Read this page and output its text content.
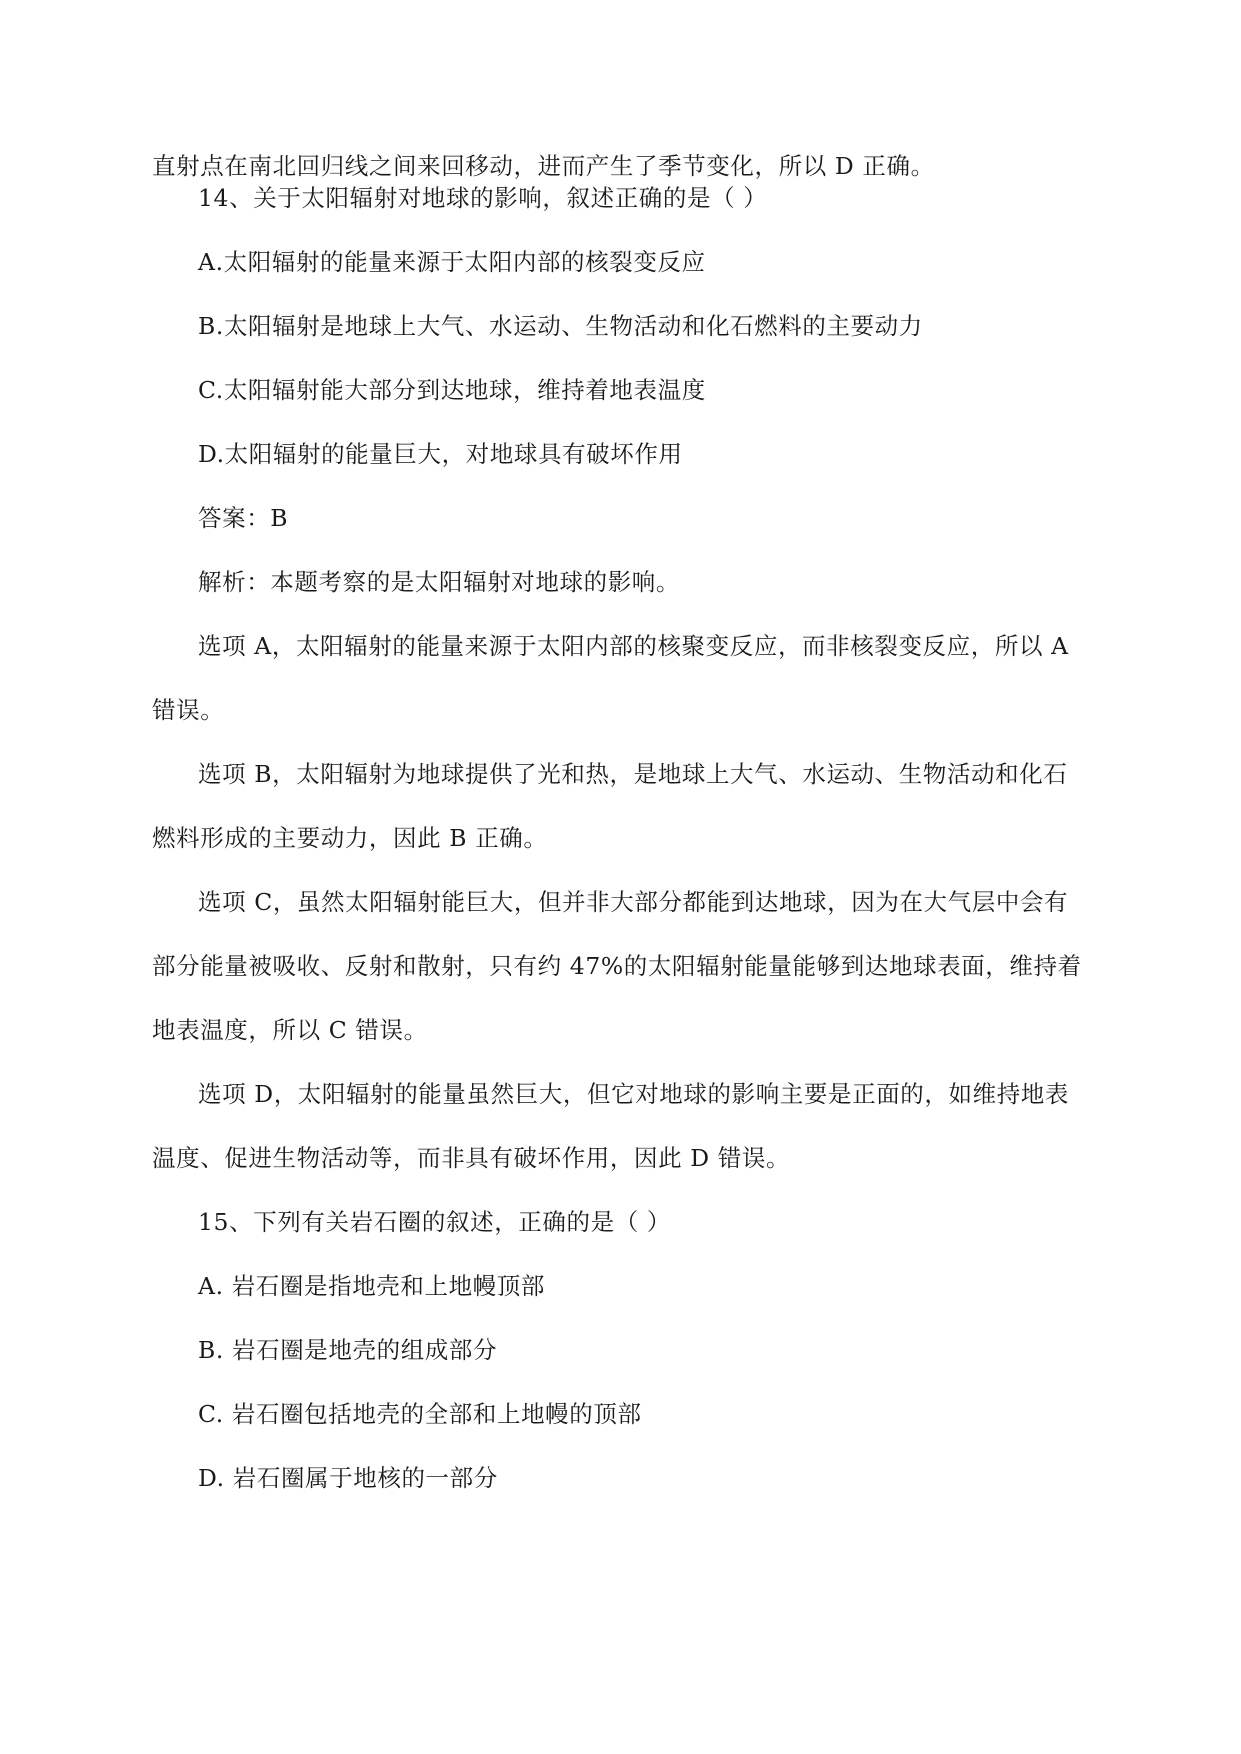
直射点在南北回归线之间来回移动，进而产生了季节变化，所以 D 正确。
14、关于太阳辐射对地球的影响，叙述正确的是（ ）
A.太阳辐射的能量来源于太阳内部的核裂变反应
B.太阳辐射是地球上大气、水运动、生物活动和化石燃料的主要动力
C.太阳辐射能大部分到达地球，维持着地表温度
D.太阳辐射的能量巨大，对地球具有破坏作用
答案：B
解析：本题考察的是太阳辐射对地球的影响。
选项 A，太阳辐射的能量来源于太阳内部的核聚变反应，而非核裂变反应，所以 A
错误。
选项 B，太阳辐射为地球提供了光和热，是地球上大气、水运动、生物活动和化石
燃料形成的主要动力，因此 B 正确。
选项 C，虽然太阳辐射能巨大，但并非大部分都能到达地球，因为在大气层中会有
部分能量被吸收、反射和散射，只有约 47%的太阳辐射能量能够到达地球表面，维持着
地表温度，所以 C 错误。
选项 D，太阳辐射的能量虽然巨大，但它对地球的影响主要是正面的，如维持地表
温度、促进生物活动等，而非具有破坏作用，因此 D 错误。
15、下列有关岩石圈的叙述，正确的是（ ）
A. 岩石圈是指地壳和上地幔顶部
B. 岩石圈是地壳的组成部分
C. 岩石圈包括地壳的全部和上地幔的顶部
D. 岩石圈属于地核的一部分
